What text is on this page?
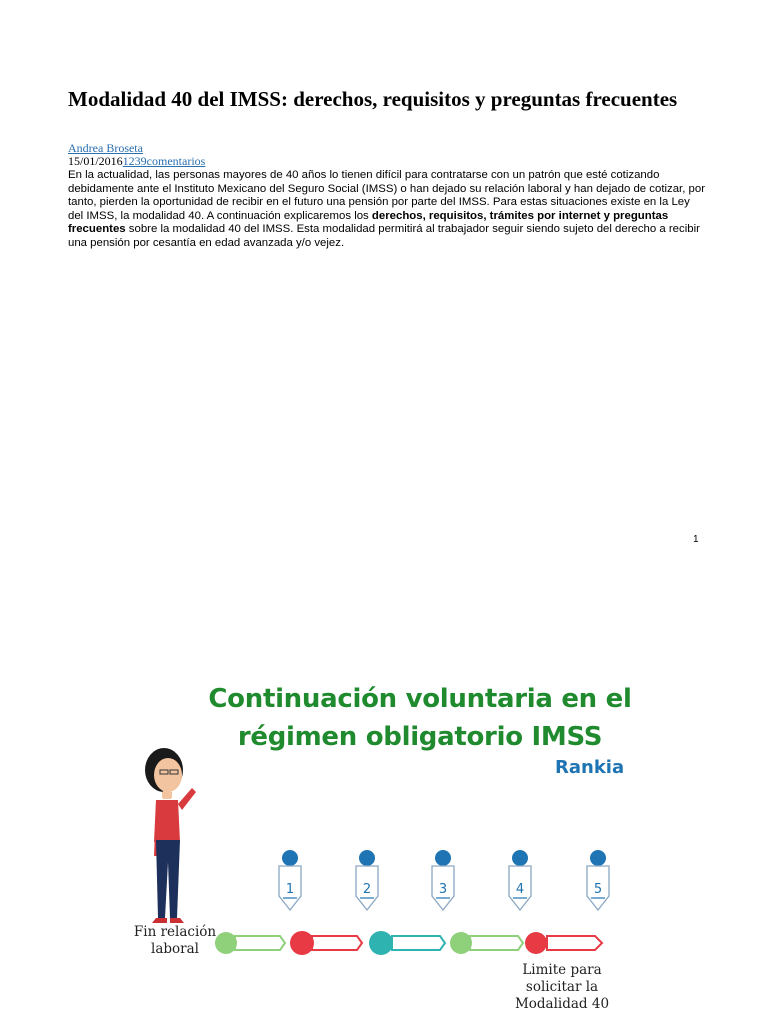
Modalidad 40 del IMSS: derechos, requisitos y preguntas frecuentes
Andrea Broseta
15/01/20161239comentarios

En la actualidad, las personas mayores de 40 años lo tienen difícil para contratarse con un patrón que esté cotizando debidamente ante el Instituto Mexicano del Seguro Social (IMSS) o han dejado su relación laboral y han dejado de cotizar, por tanto, pierden la oportunidad de recibir en el futuro una pensión por parte del IMSS. Para estas situaciones existe en la Ley del IMSS, la modalidad 40. A continuación explicaremos los derechos, requisitos, trámites por internet y preguntas frecuentes sobre la modalidad 40 del IMSS. Esta modalidad permitirá al trabajador seguir siendo sujeto del derecho a recibir una pensión por cesantía en edad avanzada y/o vejez.

1
1	2	3	4	5
Continuación voluntaria en el régimen obligatorio IMSS
Rankia
Fin relación laboral
Limite para solicitar la Modalidad 40
